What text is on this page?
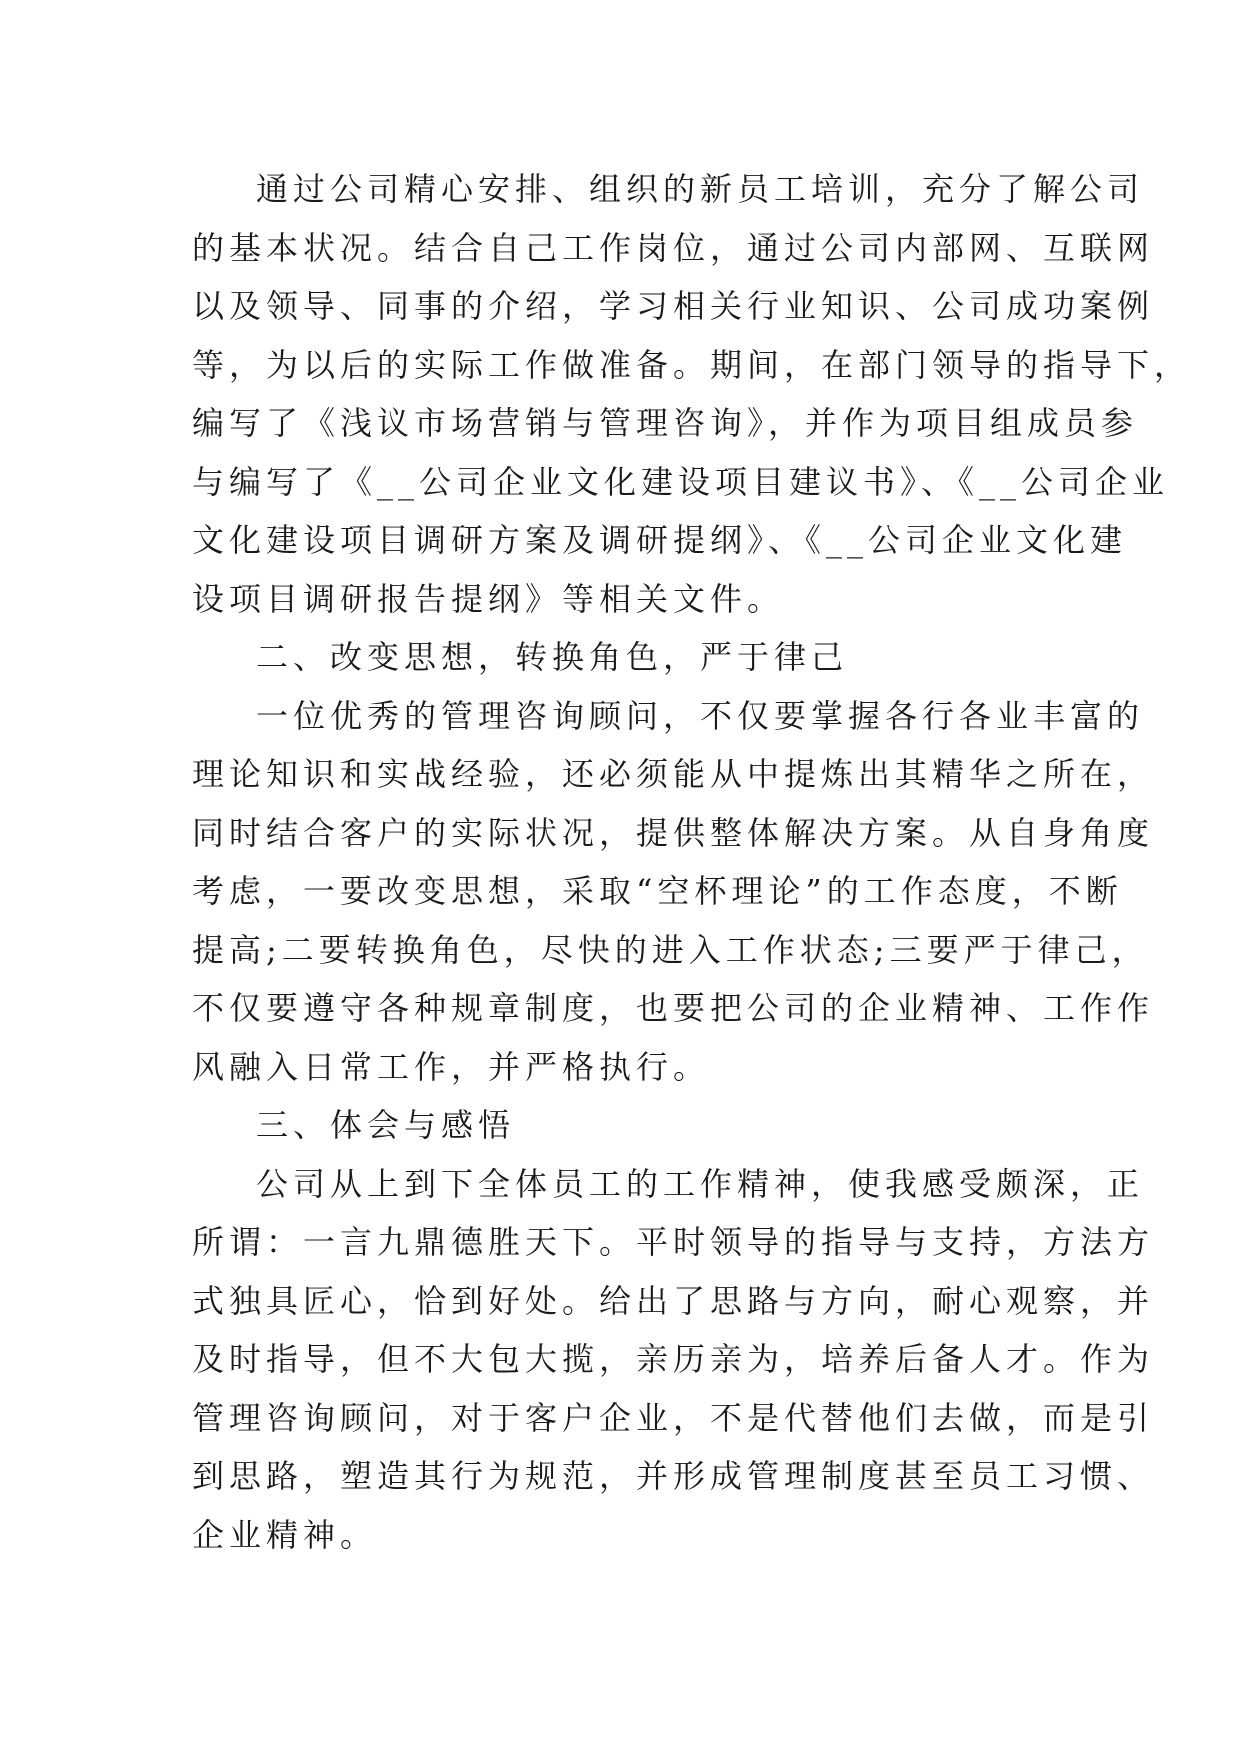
通过公司精心安排、组织的新员工培训，充分了解公司
的基本状况。结合自己工作岗位，通过公司内部网、互联网
以及领导、同事的介绍，学习相关行业知识、公司成功案例
等，为以后的实际工作做准备。期间，在部门领导的指导下，
编写了《浅议市场营销与管理咨询》，并作为项目组成员参
与编写了《__公司企业文化建设项目建议书》、《__公司企业
文化建设项目调研方案及调研提纲》、《__公司企业文化建
设项目调研报告提纲》等相关文件。
二、改变思想，转换角色，严于律己
一位优秀的管理咨询顾问，不仅要掌握各行各业丰富的
理论知识和实战经验，还必须能从中提炼出其精华之所在，
同时结合客户的实际状况，提供整体解决方案。从自身角度
考虑，一要改变思想，采取“空杯理论”的工作态度，不断
提高;二要转换角色，尽快的进入工作状态;三要严于律己，
不仅要遵守各种规章制度，也要把公司的企业精神、工作作
风融入日常工作，并严格执行。
三、体会与感悟
公司从上到下全体员工的工作精神，使我感受颇深，正
所谓：一言九鼎德胜天下。平时领导的指导与支持，方法方
式独具匠心，恰到好处。给出了思路与方向，耐心观察，并
及时指导，但不大包大揽，亲历亲为，培养后备人才。作为
管理咨询顾问，对于客户企业，不是代替他们去做，而是引
到思路，塑造其行为规范，并形成管理制度甚至员工习惯、
企业精神。
